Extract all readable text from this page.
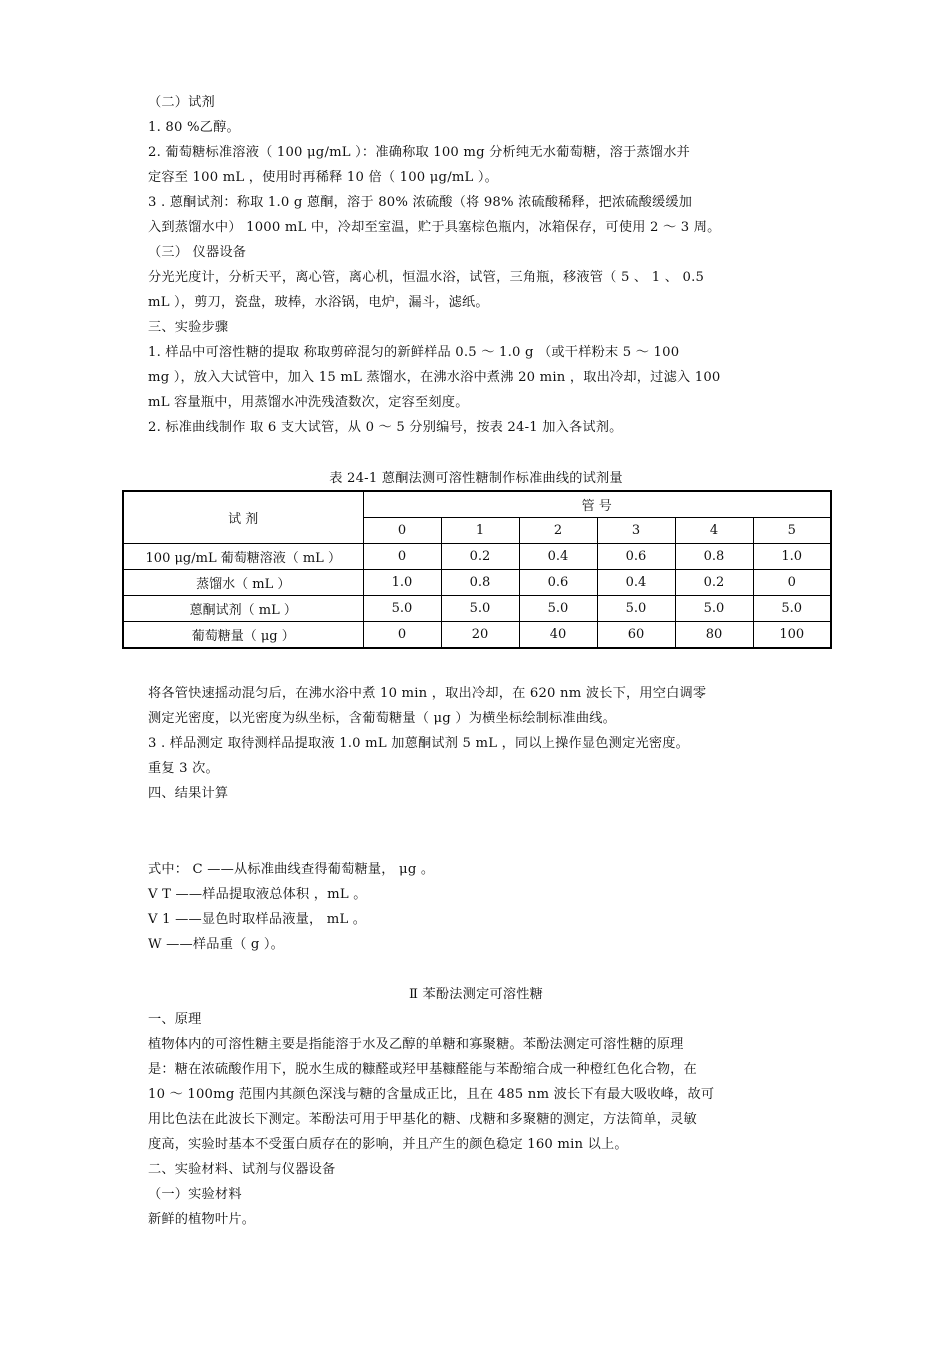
（二）试剂
1. 80 %乙醇。
2. 葡萄糖标准溶液（ 100 μg/mL ）：准确称取 100 mg 分析纯无水葡萄糖，溶于蒸馏水并
定容至 100 mL ，使用时再稀释 10 倍（ 100 μg/mL ）。
3 . 蒽酮试剂：称取 1.0 g 蒽酮，溶于 80% 浓硫酸（将 98% 浓硫酸稀释，把浓硫酸缓缓加
入到蒸馏水中） 1000 mL 中，冷却至室温，贮于具塞棕色瓶内，冰箱保存，可使用 2 ～ 3 周。
（三） 仪器设备
分光光度计，分析天平，离心管，离心机，恒温水浴，试管，三角瓶，移液管（ 5 、 1 、 0.5
mL ），剪刀，瓷盘，玻棒，水浴锅，电炉，漏斗，滤纸。
三、实验步骤
1. 样品中可溶性糖的提取 称取剪碎混匀的新鲜样品 0.5 ～ 1.0 g （或干样粉末 5 ～ 100
mg ），放入大试管中，加入 15 mL 蒸馏水，在沸水浴中煮沸 20 min ，取出冷却，过滤入 100
mL 容量瓶中，用蒸馏水冲洗残渣数次，定容至刻度。
2. 标准曲线制作 取 6 支大试管，从 0 ～ 5 分别编号，按表 24-1 加入各试剂。
表 24-1 蒽酮法测可溶性糖制作标准曲线的试剂量
试 剂	管 号					
	0	1	2	3	4	5
100 μg/mL 葡萄糖溶液（ mL ）	0	0.2	0.4	0.6	0.8	1.0
蒸馏水（ mL ）	1.0	0.8	0.6	0.4	0.2	0
蒽酮试剂（ mL ）	5.0	5.0	5.0	5.0	5.0	5.0
葡萄糖量（ μg ）	0	20	40	60	80	100
将各管快速摇动混匀后，在沸水浴中煮 10 min ，取出冷却，在 620 nm 波长下，用空白调零
测定光密度，以光密度为纵坐标，含葡萄糖量（ μg ）为横坐标绘制标准曲线。
3 . 样品测定 取待测样品提取液 1.0 mL 加蒽酮试剂 5 mL ，同以上操作显色测定光密度。
重复 3 次。
四、结果计算
式中： C ——从标准曲线查得葡萄糖量， μg 。
V T ——样品提取液总体积 ，mL 。
V 1 ——显色时取样品液量， mL 。
W ——样品重（ g ）。
Ⅱ 苯酚法测定可溶性糖
一、原理
植物体内的可溶性糖主要是指能溶于水及乙醇的单糖和寡聚糖。苯酚法测定可溶性糖的原理
是：糖在浓硫酸作用下，脱水生成的糠醛或羟甲基糠醛能与苯酚缩合成一种橙红色化合物，在
10 ～ 100mg 范围内其颜色深浅与糖的含量成正比，且在 485 nm 波长下有最大吸收峰，故可
用比色法在此波长下测定。苯酚法可用于甲基化的糖、戊糖和多聚糖的测定，方法简单，灵敏
度高，实验时基本不受蛋白质存在的影响，并且产生的颜色稳定 160 min 以上。
二、实验材料、试剂与仪器设备
（一）实验材料
新鲜的植物叶片。
